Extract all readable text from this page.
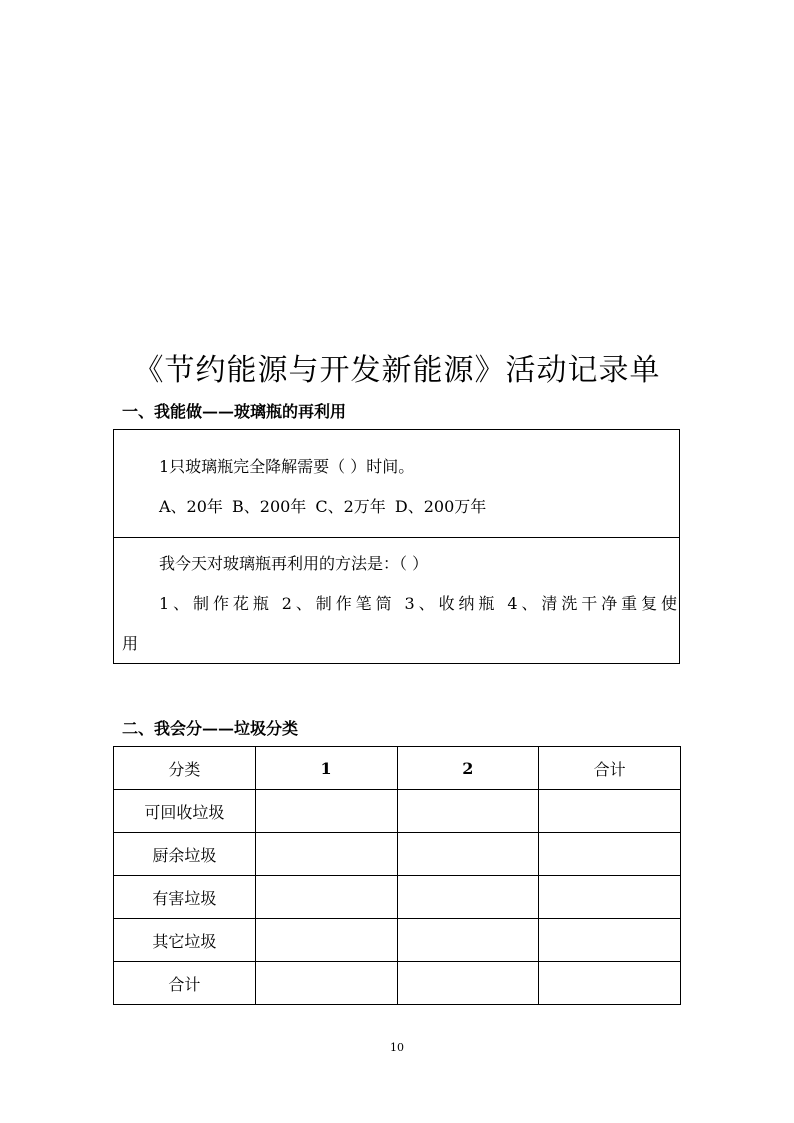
《节约能源与开发新能源》活动记录单
一、我能做——玻璃瓶的再利用
1只玻璃瓶完全降解需要（ ）时间。
A、20年 B、200年 C、2万年 D、200万年
我今天对玻璃瓶再利用的方法是：（ ）
1、制作花瓶 2、制作笔筒 3、收纳瓶 4、清洗干净重复使
用
二、我会分——垃圾分类
分类	1	2	合计
可回收垃圾			
厨余垃圾			
有害垃圾			
其它垃圾			
合计			
10
